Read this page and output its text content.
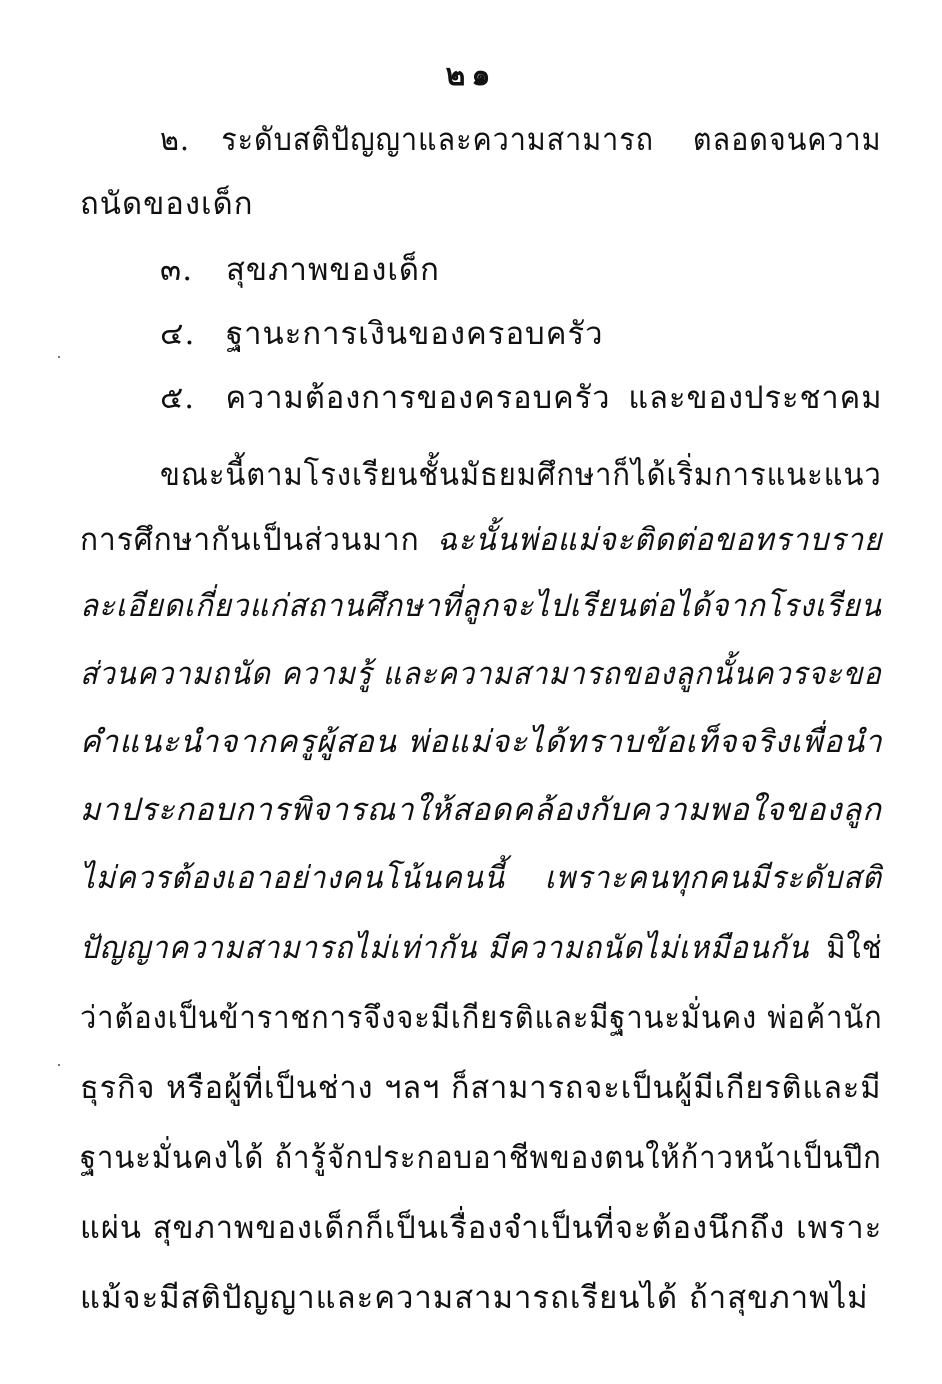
๒๑
๒. ระดับสติปัญญาและความสามารถ ตลอดจนความ
ถนัดของเด็ก
๓. สุขภาพของเด็ก
๔. ฐานะการเงินของครอบครัว
๕. ความต้องการของครอบครัว และของประชาคม
ขณะนี้ตามโรงเรียนชั้นมัธยมศึกษาก็ได้เริ่มการแนะแนว
การศึกษากันเป็นส่วนมาก ฉะนั้นพ่อแม่จะติดต่อขอทราบราย
ละเอียดเกี่ยวแก่สถานศึกษาที่ลูกจะไปเรียนต่อได้จากโรงเรียน
ส่วนความถนัด ความรู้ และความสามารถของลูกนั้นควรจะขอ
คำแนะนำจากครูผู้สอน พ่อแม่จะได้ทราบข้อเท็จจริงเพื่อนำ
มาประกอบการพิจารณาให้สอดคล้องกับความพอใจของลูก
ไม่ควรต้องเอาอย่างคนโน้นคนนี้ เพราะคนทุกคนมีระดับสติ
ปัญญาความสามารถไม่เท่ากัน มีความถนัดไม่เหมือนกัน มิใช่
ว่าต้องเป็นข้าราชการจึงจะมีเกียรติและมีฐานะมั่นคง พ่อค้านัก
ธุรกิจ หรือผู้ที่เป็นช่าง ฯลฯ ก็สามารถจะเป็นผู้มีเกียรติและมี
ฐานะมั่นคงได้ ถ้ารู้จักประกอบอาชีพของตนให้ก้าวหน้าเป็นปึก
แผ่น สุขภาพของเด็กก็เป็นเรื่องจำเป็นที่จะต้องนึกถึง เพราะ
แม้จะมีสติปัญญาและความสามารถเรียนได้ ถ้าสุขภาพไม่
